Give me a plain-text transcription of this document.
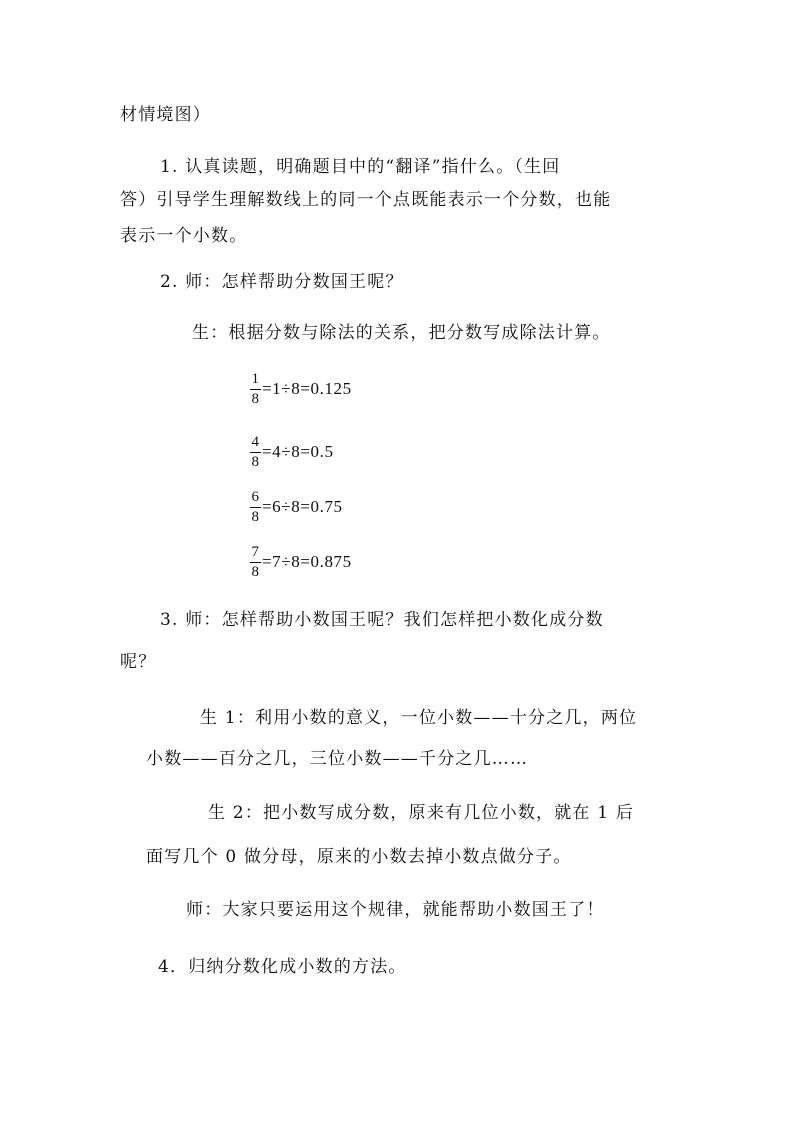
材情境图）
1. 认真读题，明确题目中的“翻译”指什么。（生回
答）引导学生理解数线上的同一个点既能表示一个分数，也能
表示一个小数。
2. 师：怎样帮助分数国王呢？
生：根据分数与除法的关系，把分数写成除法计算。
$\frac{1}{8} =1\div 8=0.125$
$\frac{4}{8} =4\div 8=0.5$
$\frac{6}{8} =6\div 8=0.75$
$\frac{7}{8} =7\div 8=0.875$
3. 师：怎样帮助小数国王呢？我们怎样把小数化成分数
呢？
生 1：利用小数的意义，一位小数——十分之几，两位
小数——百分之几，三位小数——千分之几……
生 2：把小数写成分数，原来有几位小数，就在 1 后
面写几个 0 做分母，原来的小数去掉小数点做分子。
师：大家只要运用这个规律，就能帮助小数国王了！
4．归纳分数化成小数的方法。
